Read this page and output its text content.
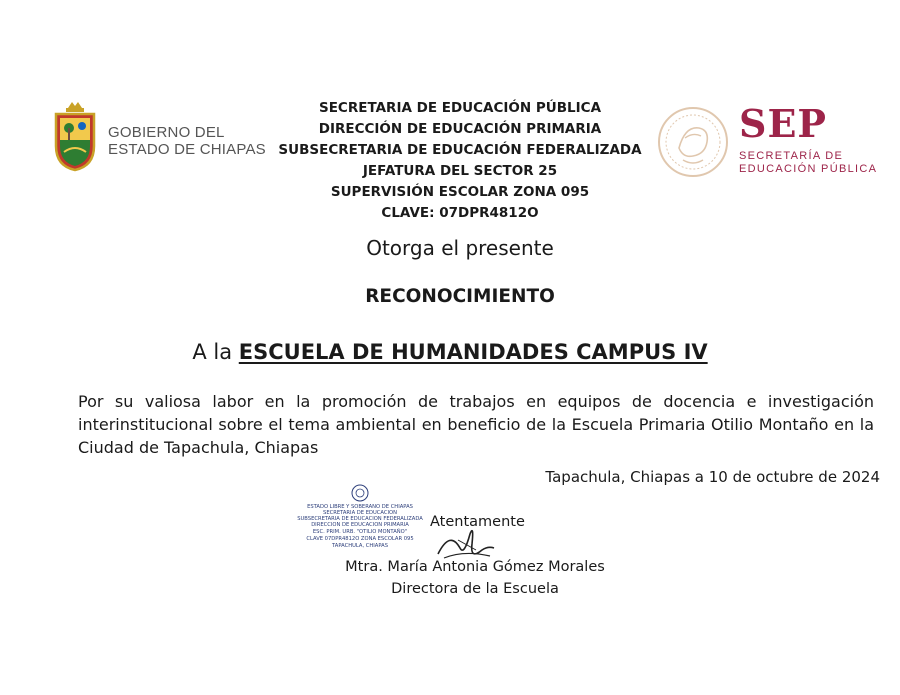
GOBIERNO DEL
ESTADO DE CHIAPAS
SEP
SECRETARÍA DE
EDUCACIÓN PÚBLICA
SECRETARIA DE EDUCACIÓN PÚBLICA
DIRECCIÓN DE EDUCACIÓN PRIMARIA
SUBSECRETARIA DE EDUCACIÓN FEDERALIZADA
JEFATURA DEL SECTOR 25
SUPERVISIÓN ESCOLAR ZONA 095
CLAVE: 07DPR4812O
Otorga el presente
RECONOCIMIENTO
A la ESCUELA DE HUMANIDADES CAMPUS IV
Por su valiosa labor en la promoción de trabajos en equipos de docencia e investigación interinstitucional sobre el tema ambiental en beneficio de la Escuela Primaria Otilio Montaño en la Ciudad de Tapachula, Chiapas
Tapachula, Chiapas a 10 de octubre de 2024
ESTADO LIBRE Y SOBERANO DE CHIAPAS
SECRETARIA DE EDUCACION
SUBSECRETARIA DE EDUCACION FEDERALIZADA
DIRECCION DE EDUCACION PRIMARIA
ESC. PRIM. URB. "OTILIO MONTAÑO"
CLAVE 07DPR4812O ZONA ESCOLAR 095
TAPACHULA, CHIAPAS
Atentamente
Mtra. María Antonia Gómez Morales
Directora de la Escuela
